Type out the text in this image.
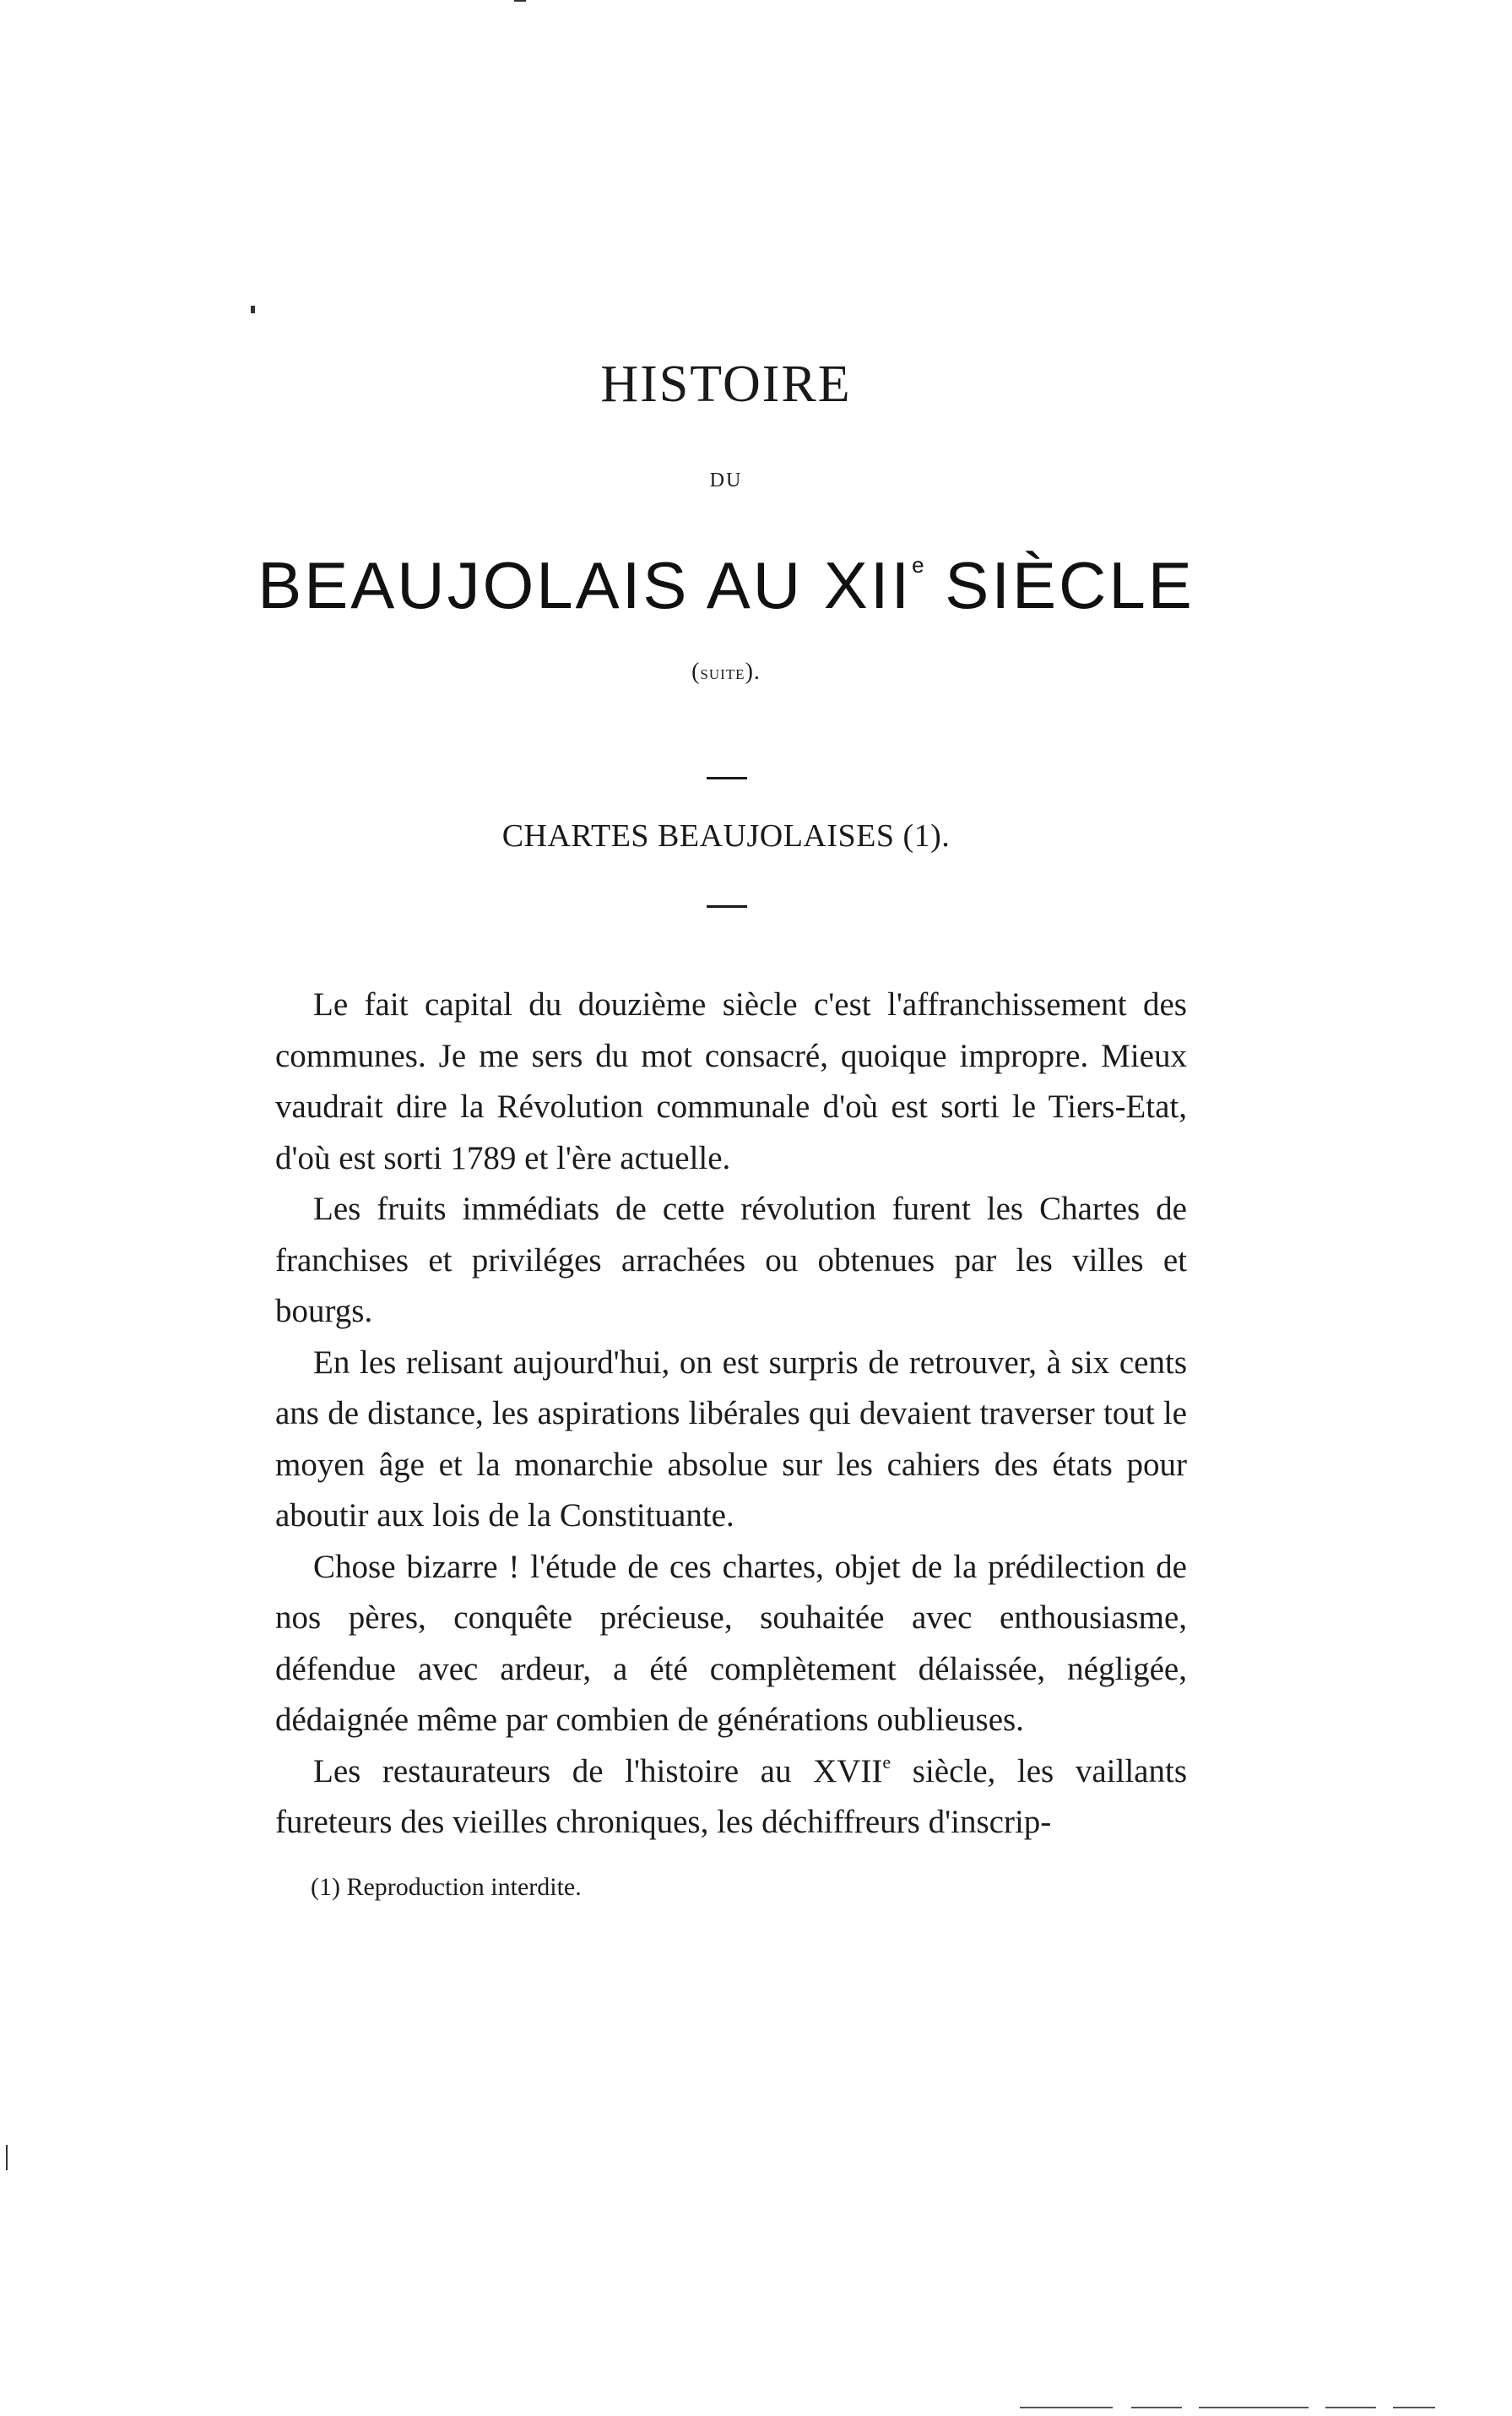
HISTOIRE
DU
BEAUJOLAIS AU XIIe SIÈCLE
(suite).
CHARTES BEAUJOLAISES (1).

Le fait capital du douzième siècle c'est l'affranchissement des communes. Je me sers du mot consacré, quoique impropre. Mieux vaudrait dire la Révolution communale d'où est sorti le Tiers-Etat, d'où est sorti 1789 et l'ère actuelle.

Les fruits immédiats de cette révolution furent les Chartes de franchises et priviléges arrachées ou obtenues par les villes et bourgs.

En les relisant aujourd'hui, on est surpris de retrouver, à six cents ans de distance, les aspirations libérales qui devaient traverser tout le moyen âge et la monarchie absolue sur les cahiers des états pour aboutir aux lois de la Constituante.

Chose bizarre ! l'étude de ces chartes, objet de la prédilection de nos pères, conquête précieuse, souhaitée avec enthousiasme, défendue avec ardeur, a été complètement délaissée, négligée, dédaignée même par combien de générations oublieuses.

Les restaurateurs de l'histoire au XVIIe siècle, les vaillants fureteurs des vieilles chroniques, les déchiffreurs d'inscrip-

(1) Reproduction interdite.
